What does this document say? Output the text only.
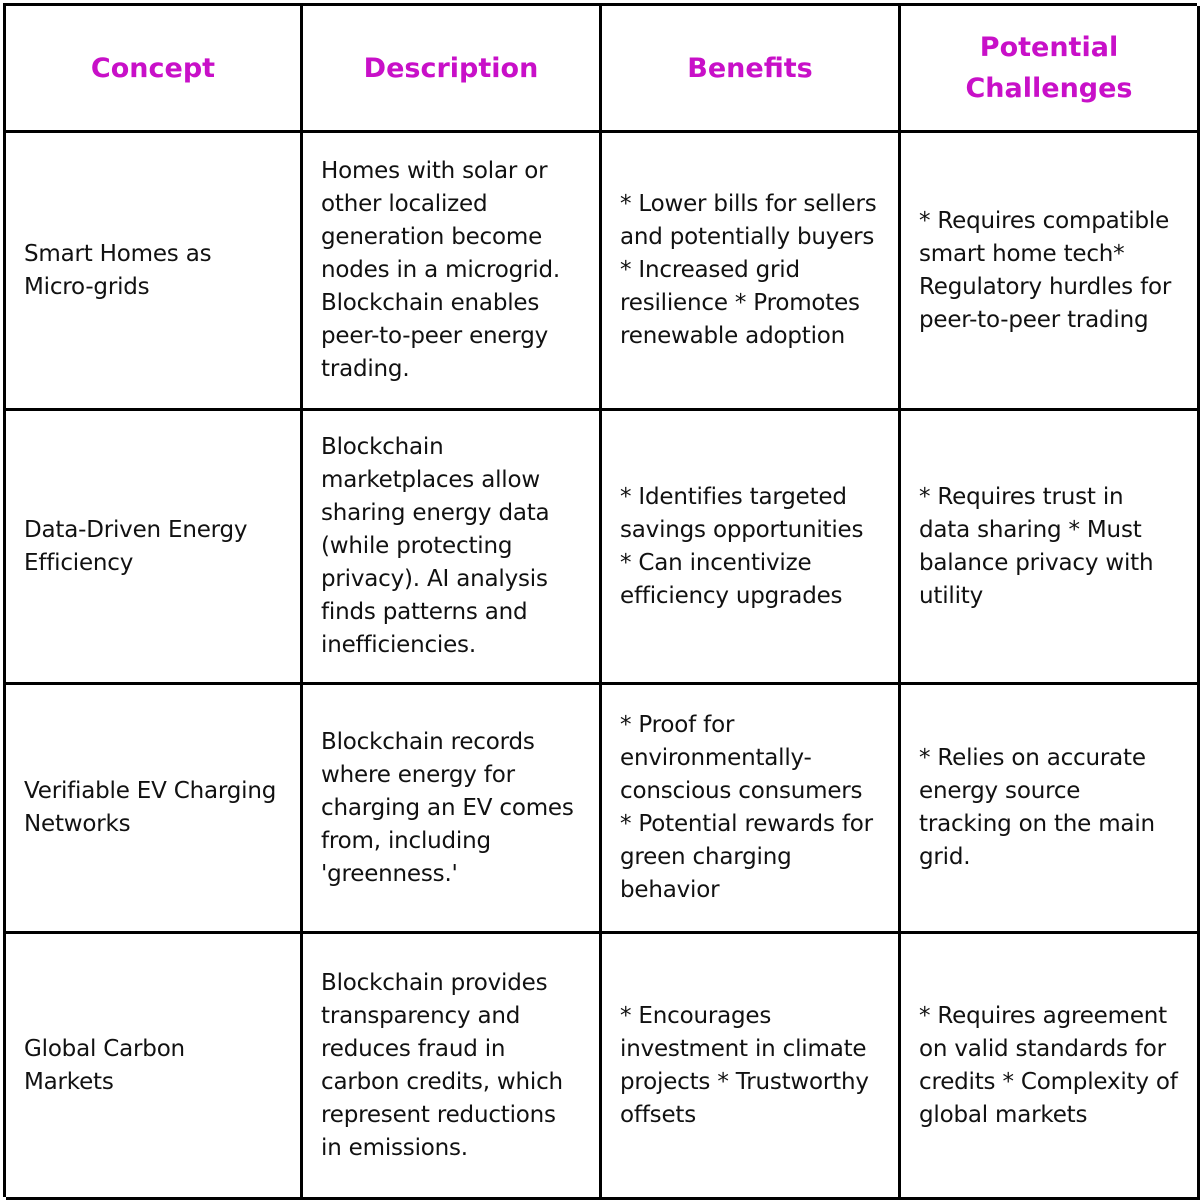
Concept	Description	Benefits
Potential Challenges
Smart Homes as Micro-grids
Homes with solar or other localized generation become nodes in a microgrid. Blockchain enables peer-to-peer energy trading.
* Lower bills for sellers and potentially buyers * Increased grid resilience * Promotes renewable adoption
* Requires compatible smart home tech* Regulatory hurdles for peer-to-peer trading
Data-Driven Energy Efficiency
Blockchain marketplaces allow sharing energy data (while protecting privacy). AI analysis finds patterns and inefficiencies.
* Identifies targeted savings opportunities * Can incentivize efficiency upgrades
* Requires trust in data sharing * Must balance privacy with utility
Verifiable EV Charging Networks
Blockchain records where energy for charging an EV comes from, including 'greenness.'
* Proof for environmentally-conscious consumers * Potential rewards for green charging behavior
* Relies on accurate energy source tracking on the main grid.
Global Carbon Markets
Blockchain provides transparency and reduces fraud in carbon credits, which represent reductions in emissions.
* Encourages investment in climate projects * Trustworthy offsets
* Requires agreement on valid standards for credits * Complexity of global markets
